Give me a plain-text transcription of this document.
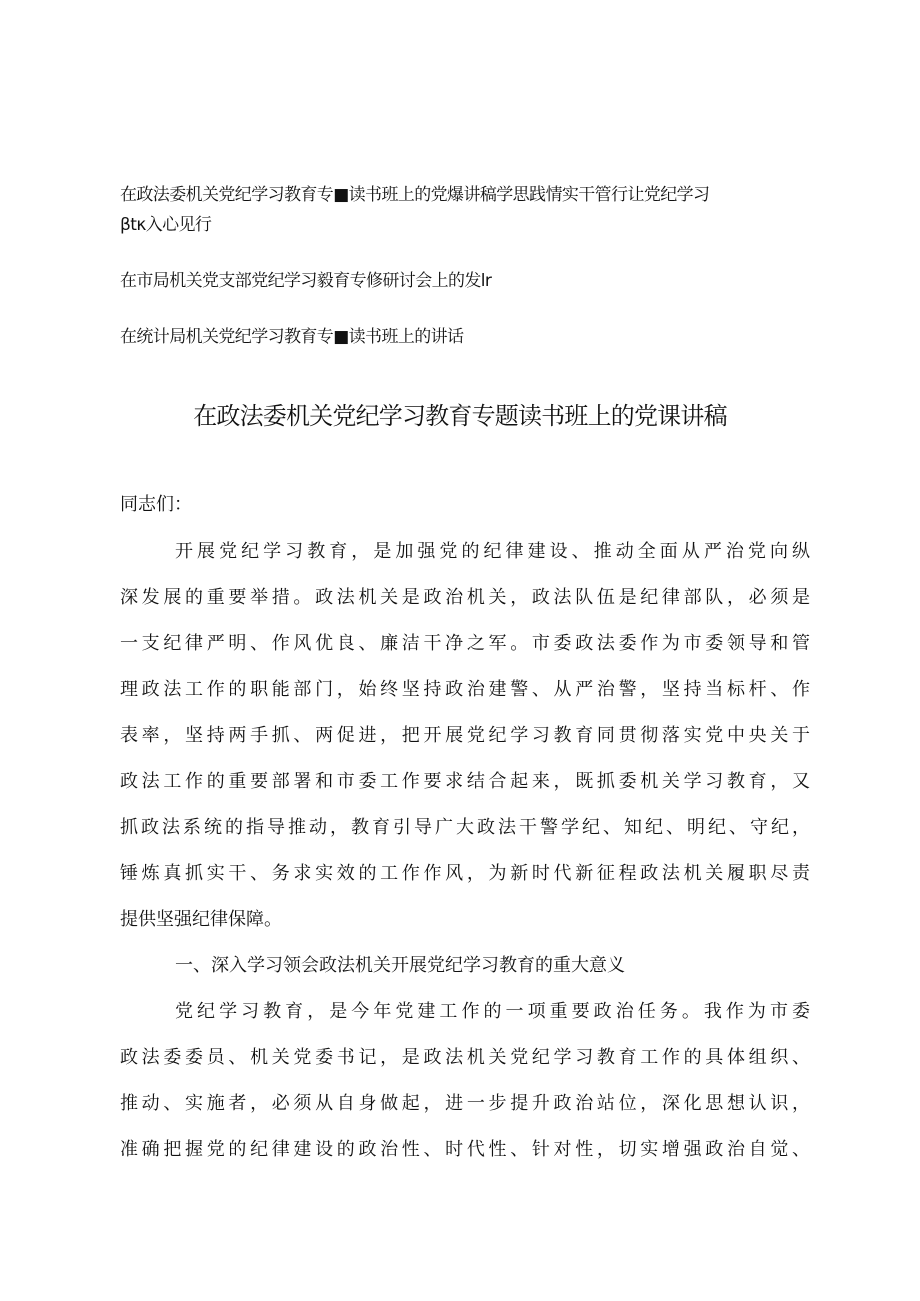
在政法委机关党纪学习教育专■读书班上的党爆讲稿学思践情实干管行让党纪学习
βtκ入心见行
在市局机关党支部党纪学习毅育专修研讨会上的发lr
在统计局机关党纪学习教育专■读书班上的讲话
在政法委机关党纪学习教育专题读书班上的党课讲稿
同志们：
开展党纪学习教育，是加强党的纪律建设、推动全面从严治党向纵
深发展的重要举措。政法机关是政治机关，政法队伍是纪律部队，必须是
一支纪律严明、作风优良、廉洁干净之军。市委政法委作为市委领导和管
理政法工作的职能部门，始终坚持政治建警、从严治警，坚持当标杆、作
表率，坚持两手抓、两促进，把开展党纪学习教育同贯彻落实党中央关于
政法工作的重要部署和市委工作要求结合起来，既抓委机关学习教育，又
抓政法系统的指导推动，教育引导广大政法干警学纪、知纪、明纪、守纪，
锤炼真抓实干、务求实效的工作作风，为新时代新征程政法机关履职尽责
提供坚强纪律保障。
一、深入学习领会政法机关开展党纪学习教育的重大意义
党纪学习教育，是今年党建工作的一项重要政治任务。我作为市委
政法委委员、机关党委书记，是政法机关党纪学习教育工作的具体组织、
推动、实施者，必须从自身做起，进一步提升政治站位，深化思想认识，
准确把握党的纪律建设的政治性、时代性、针对性，切实增强政治自觉、
